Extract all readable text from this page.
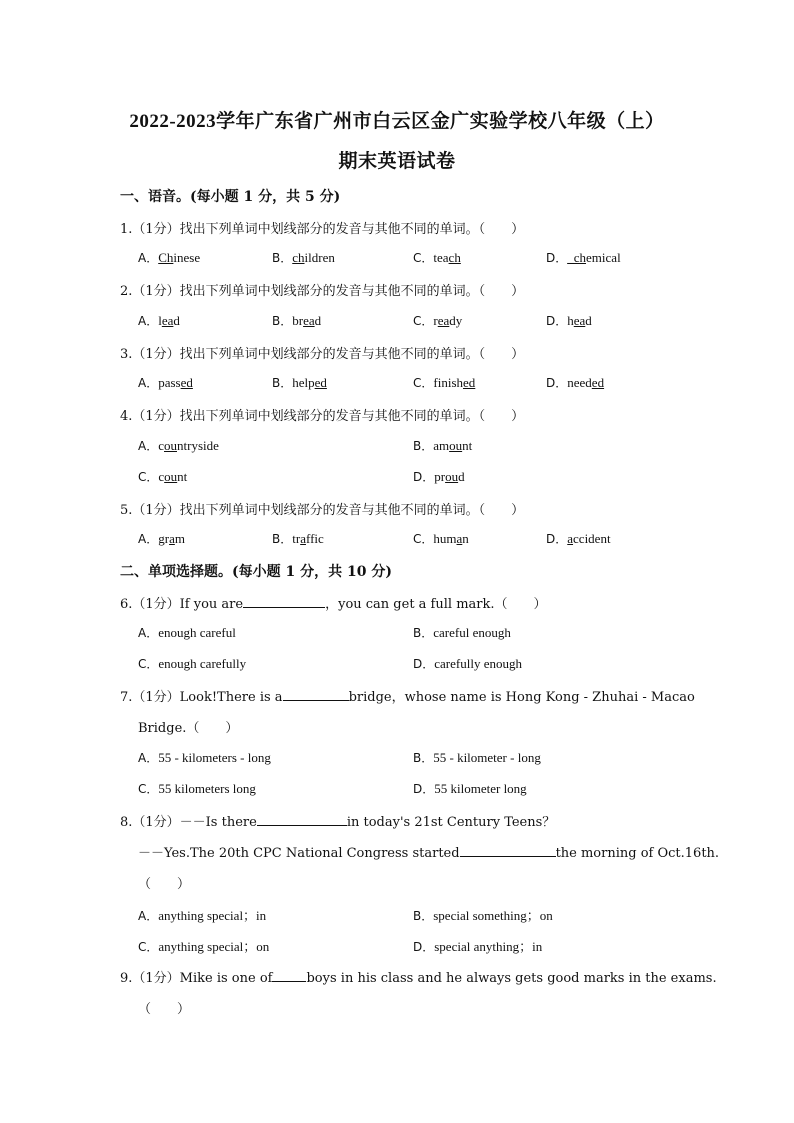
2022-2023学年广东省广州市白云区金广实验学校八年级（上）
期末英语试卷
一、语音。(每小题 1 分，共 5 分)
1.（1分）找出下列单词中划线部分的发音与其他不同的单词。（　　）
A．Chinese	B．children	C．teach	D．_chemical
2.（1分）找出下列单词中划线部分的发音与其他不同的单词。（　　）
A．lead	B．bread	C．ready	D．head
3.（1分）找出下列单词中划线部分的发音与其他不同的单词。（　　）
A．passed	B．helped	C．finished	D．needed
4.（1分）找出下列单词中划线部分的发音与其他不同的单词。（　　）
A．countryside	B．amount
C．count	D．proud
5.（1分）找出下列单词中划线部分的发音与其他不同的单词。（　　）
A．gram	B．traffic	C．human	D．accident
二、单项选择题。(每小题 1 分，共 10 分)
6.（1分）If you are	，you can get a full mark.（　　）
A．enough careful	B．careful enough
C．enough carefully	D．carefully enough
7.（1分）Look!There is a	bridge，whose name is Hong Kong - Zhuhai - Macao
Bridge.（　　）
A．55 - kilometers - long	B．55 - kilometer - long
C．55 kilometers long	D．55 kilometer long
8.（1分）－－Is there	in today's 21st Century Teens？
－－Yes.The 20th CPC National Congress started	the morning of Oct.16th.
（　　）
A．anything special；in	B．special something；on
C．anything special；on	D．special anything；in
9.（1分）Mike is one of	boys in his class and he always gets good marks in the exams.
（　　）
